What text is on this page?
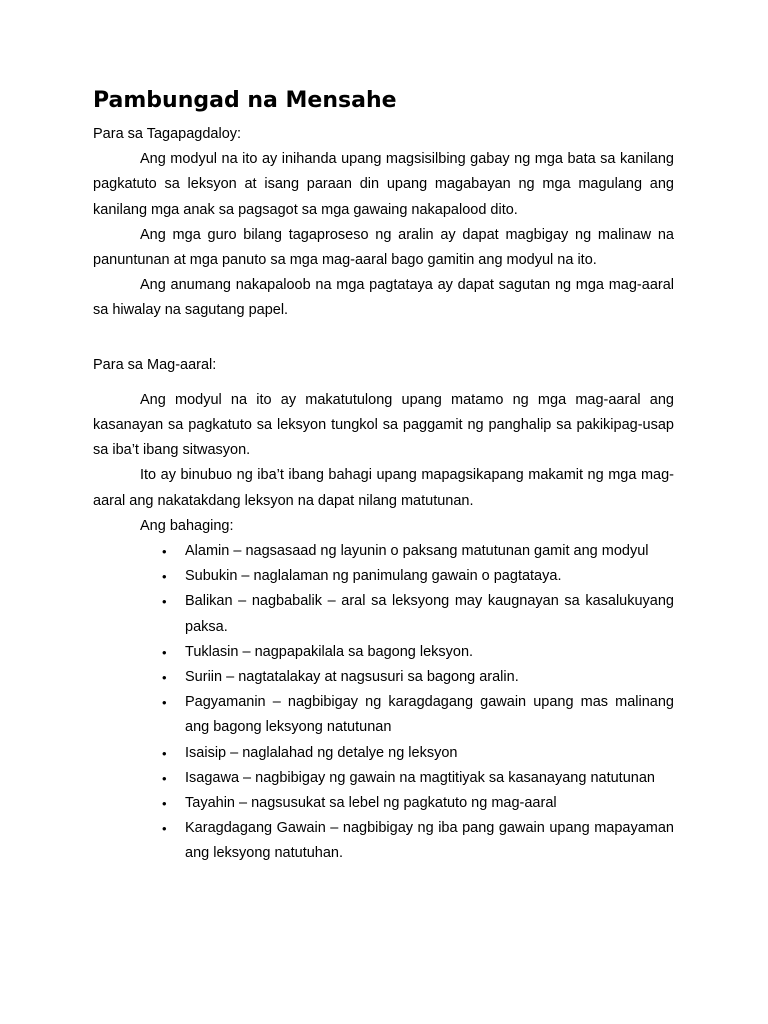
Pambungad na Mensahe
Para sa Tagapagdaloy:

Ang modyul na ito ay inihanda upang magsisilbing gabay ng mga bata sa kanilang pagkatuto sa leksyon at isang paraan din upang magabayan ng mga magulang ang kanilang mga anak sa pagsagot sa mga gawaing nakapalood dito.

Ang mga guro bilang tagaproseso ng aralin ay dapat magbigay ng malinaw na panuntunan at mga panuto sa mga mag-aaral bago gamitin ang modyul na ito.

Ang anumang nakapaloob na mga pagtataya ay dapat sagutan ng mga mag-aaral sa hiwalay na sagutang papel.

Para sa Mag-aaral:

Ang modyul na ito ay makatutulong upang matamo ng mga mag-aaral ang kasanayan sa pagkatuto sa leksyon tungkol sa paggamit ng panghalip sa pakikipag-usap sa iba’t ibang sitwasyon.

Ito ay binubuo ng iba’t ibang bahagi upang mapagsikapang makamit ng mga mag-aaral ang nakatakdang leksyon na dapat nilang matutunan.

Ang bahaging:

• Alamin – nagsasaad ng layunin o paksang matutunan gamit ang modyul
• Subukin – naglalaman ng panimulang gawain o pagtataya.
• Balikan – nagbabalik – aral sa leksyong may kaugnayan sa kasalukuyang paksa.
• Tuklasin – nagpapakilala sa bagong leksyon.
• Suriin – nagtatalakay at nagsusuri sa bagong aralin.
• Pagyamanin – nagbibigay ng karagdagang gawain upang mas malinang ang bagong leksyong natutunan
• Isaisip – naglalahad ng detalye ng leksyon
• Isagawa – nagbibigay ng gawain na magtitiyak sa kasanayang natutunan
• Tayahin – nagsusukat sa lebel ng pagkatuto ng mag-aaral
• Karagdagang Gawain – nagbibigay ng iba pang gawain upang mapayaman ang leksyong natutuhan.
